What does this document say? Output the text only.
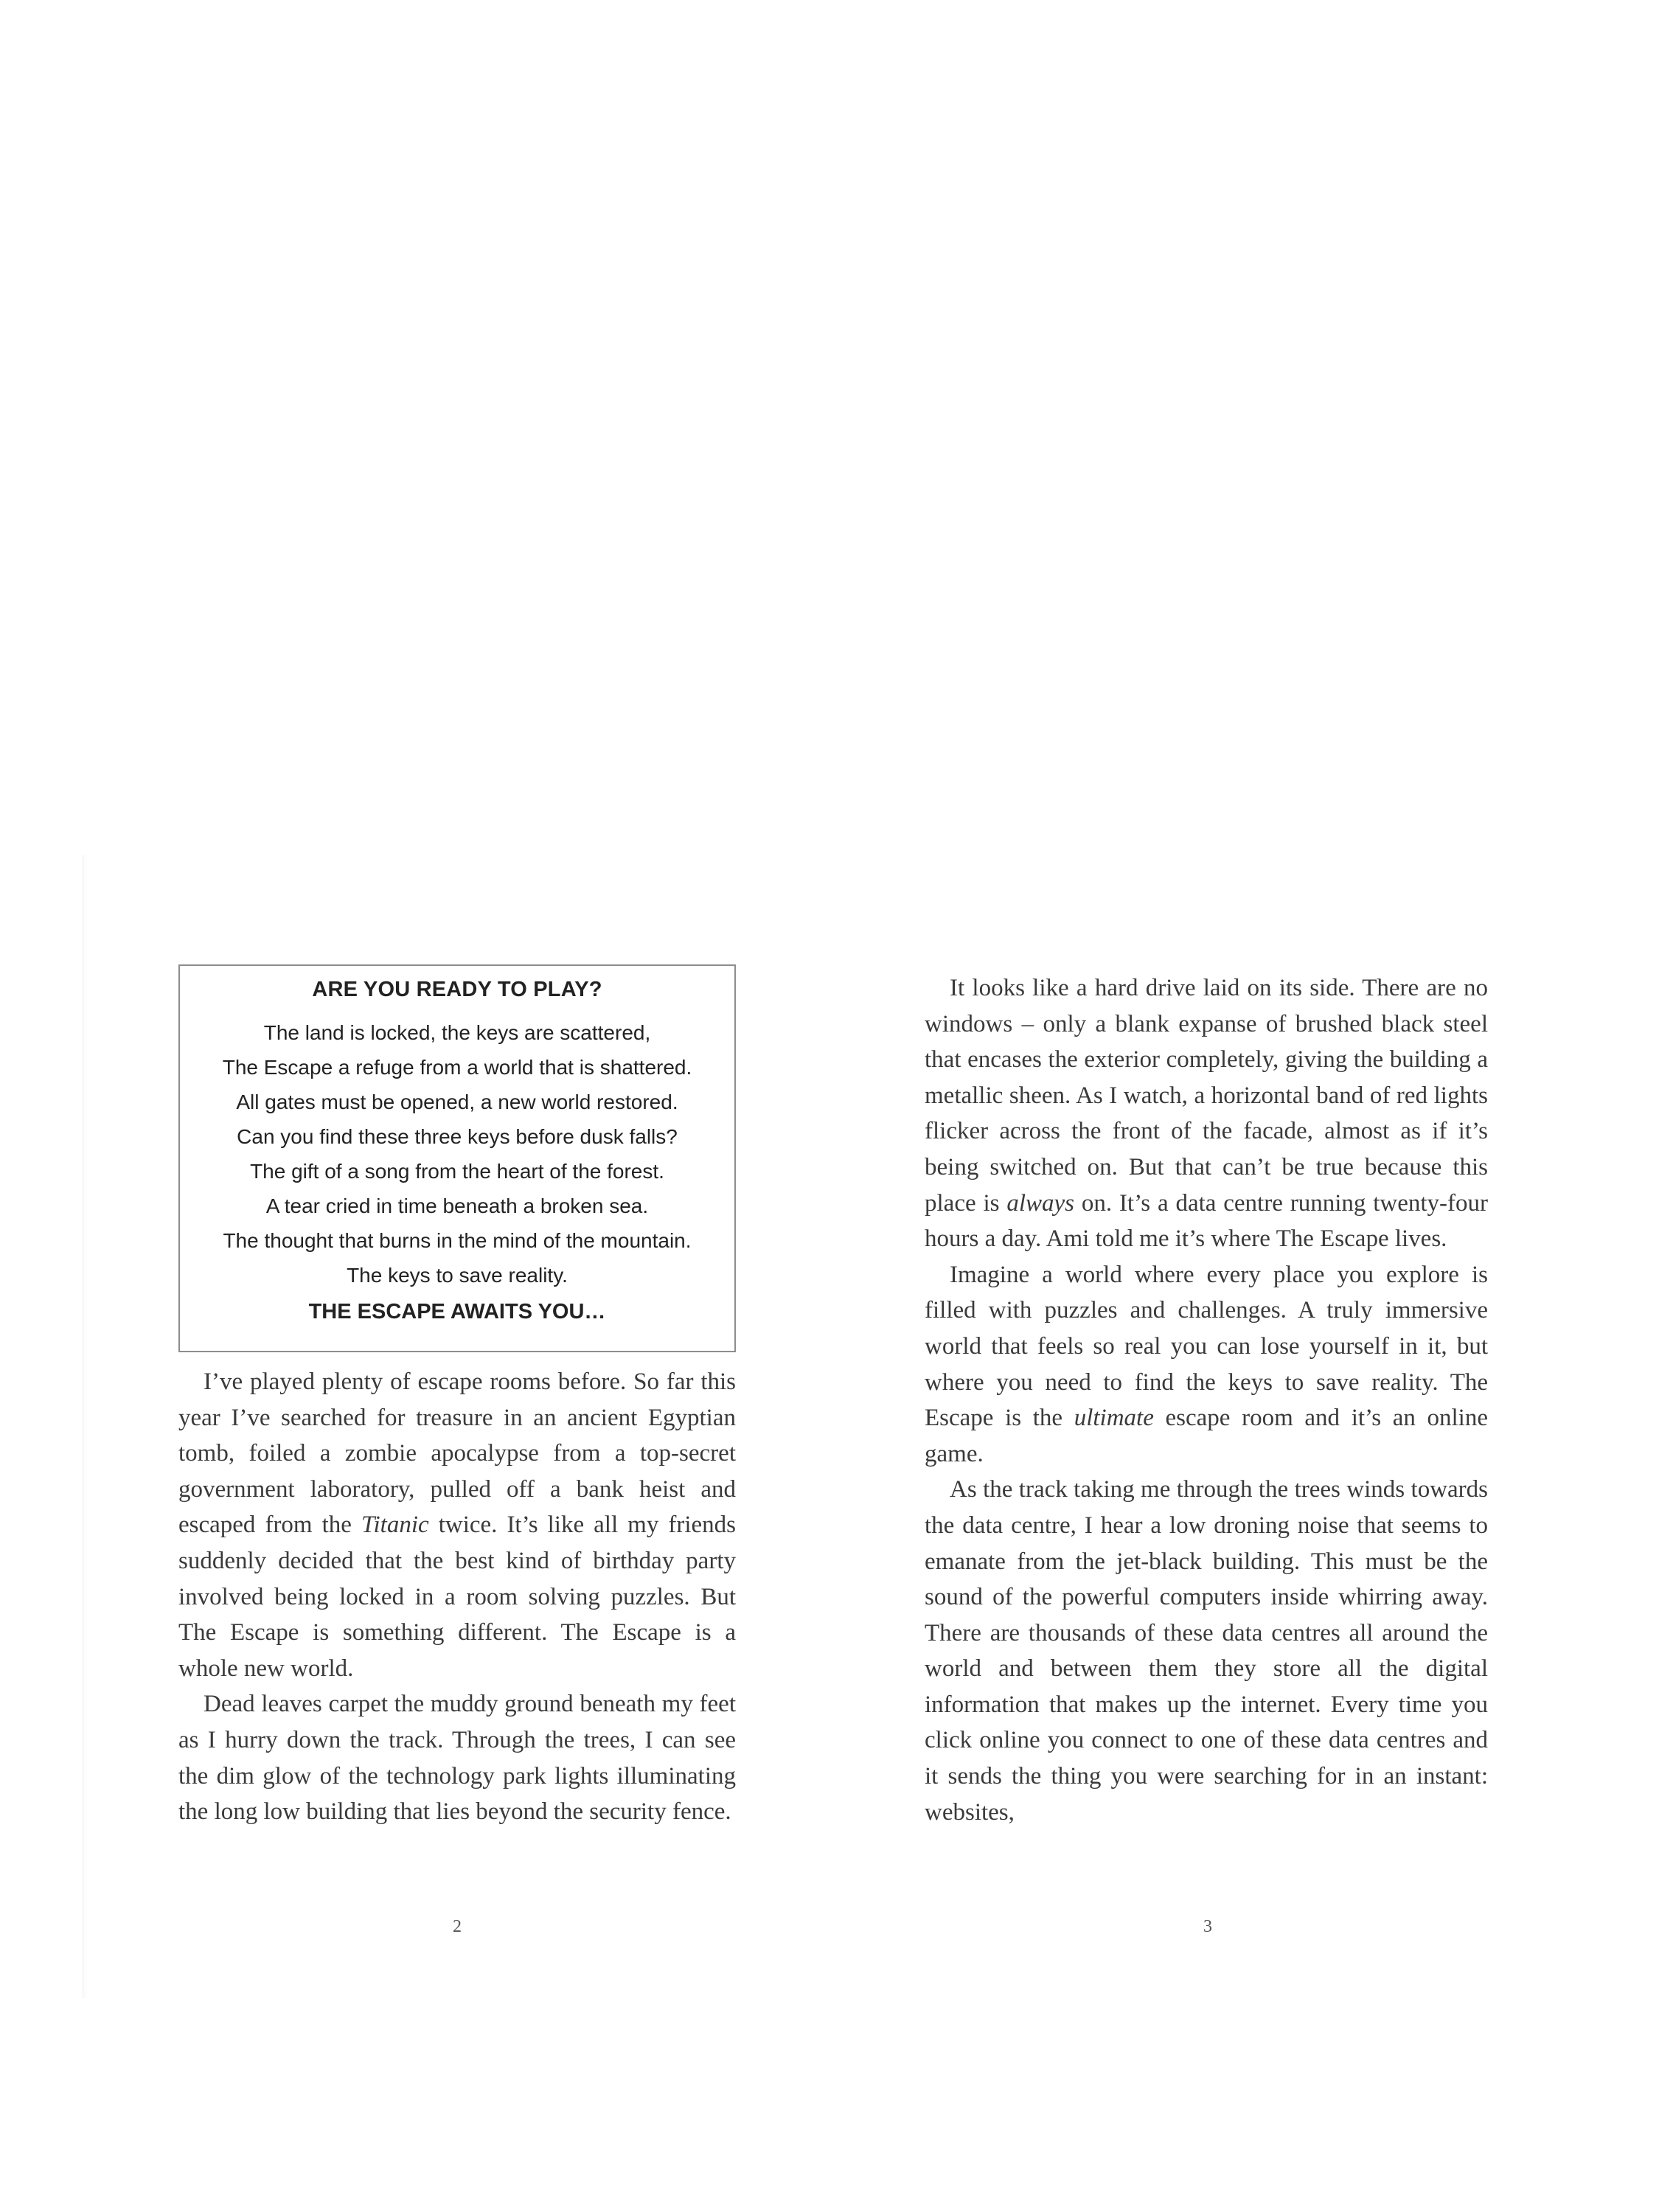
ARE YOU READY TO PLAY?
The land is locked, the keys are scattered,
The Escape a refuge from a world that is shattered.
All gates must be opened, a new world restored.
Can you find these three keys before dusk falls?
The gift of a song from the heart of the forest.
A tear cried in time beneath a broken sea.
The thought that burns in the mind of the mountain.
The keys to save reality.
THE ESCAPE AWAITS YOU…

I’ve played plenty of escape rooms before. So far this year I’ve searched for treasure in an ancient Egyptian tomb, foiled a zombie apocalypse from a top-secret government laboratory, pulled off a bank heist and escaped from the Titanic twice. It’s like all my friends suddenly decided that the best kind of birthday party involved being locked in a room solving puzzles. But The Escape is something different. The Escape is a whole new world.

Dead leaves carpet the muddy ground beneath my feet as I hurry down the track. Through the trees, I can see the dim glow of the technology park lights illuminating the long low building that lies beyond the security fence.

It looks like a hard drive laid on its side. There are no windows – only a blank expanse of brushed black steel that encases the exterior completely, giving the building a metallic sheen. As I watch, a horizontal band of red lights flicker across the front of the facade, almost as if it’s being switched on. But that can’t be true because this place is always on. It’s a data centre running twenty-four hours a day. Ami told me it’s where The Escape lives.

Imagine a world where every place you explore is filled with puzzles and challenges. A truly immersive world that feels so real you can lose yourself in it, but where you need to find the keys to save reality. The Escape is the ultimate escape room and it’s an online game.

As the track taking me through the trees winds towards the data centre, I hear a low droning noise that seems to emanate from the jet-black building. This must be the sound of the powerful computers inside whirring away. There are thousands of these data centres all around the world and between them they store all the digital information that makes up the internet. Every time you click online you connect to one of these data centres and it sends the thing you were searching for in an instant: websites,

2	3
